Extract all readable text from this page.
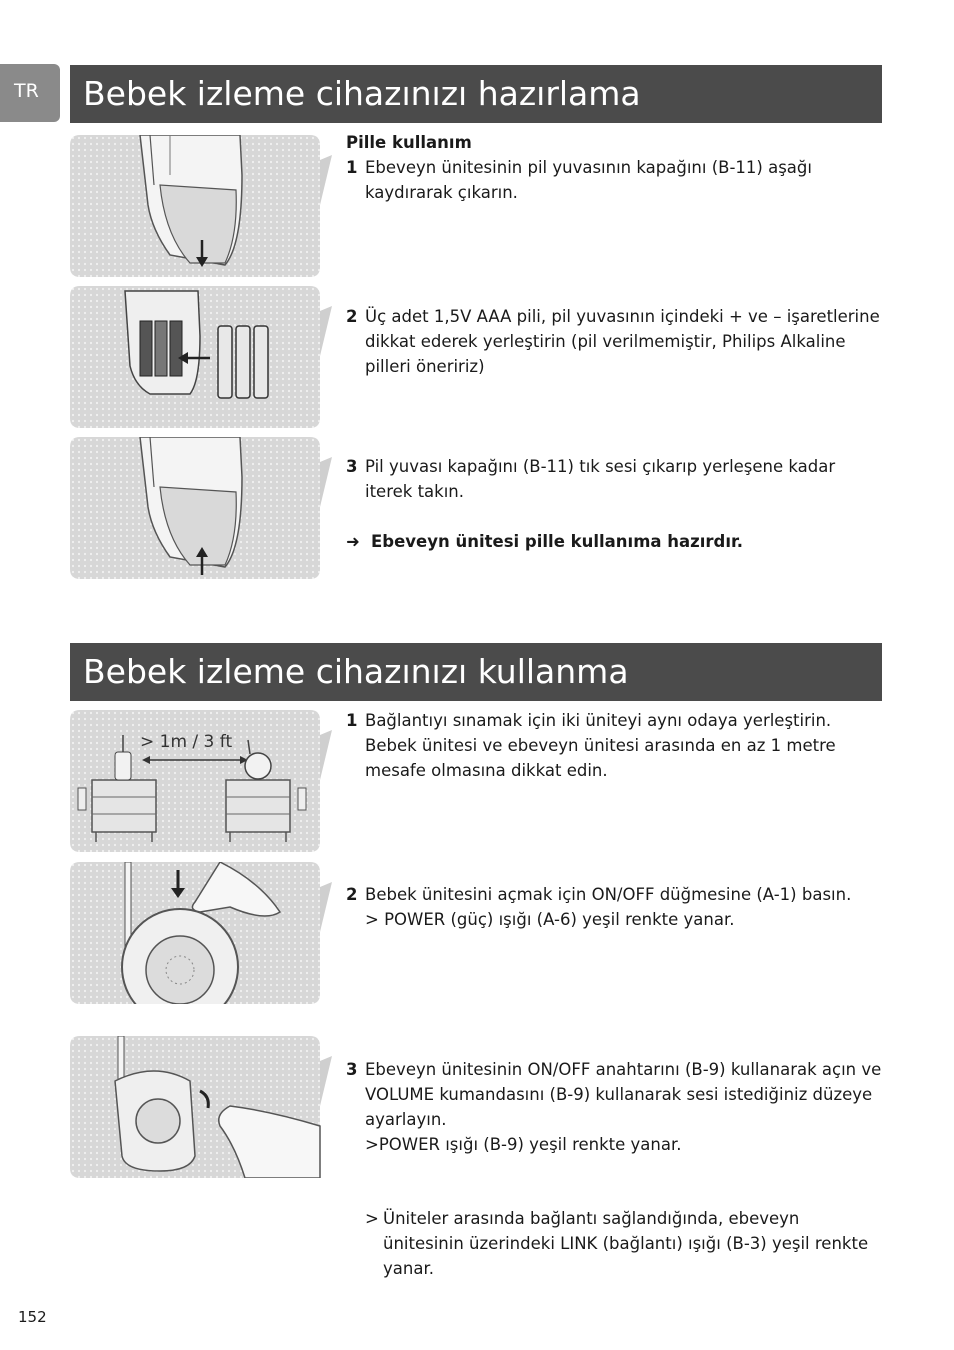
TR	Bebek izleme cihazınızı hazırlama
Pille kullanım
1 Ebeveyn ünitesinin pil yuvasının kapağını (B-11) aşağı kaydırarak çıkarın.
2 Üç adet 1,5V AAA pili, pil yuvasının içindeki + ve – işaretlerine dikkat ederek yerleştirin (pil verilmemiştir, Philips Alkaline pilleri öneririz)
3 Pil yuvası kapağını (B-11) tık sesi çıkarıp yerleşene kadar iterek takın.
➜ Ebeveyn ünitesi pille kullanıma hazırdır.
Bebek izleme cihazınızı kullanma
> 1m / 3 ft
1 Bağlantıyı sınamak için iki üniteyi aynı odaya yerleştirin. Bebek ünitesi ve ebeveyn ünitesi arasında en az 1 metre mesafe olmasına dikkat edin.
2 Bebek ünitesini açmak için ON/OFF düğmesine (A-1) basın.
> POWER (güç) ışığı (A-6) yeşil renkte yanar.
3 Ebeveyn ünitesinin ON/OFF anahtarını (B-9) kullanarak açın ve VOLUME kumandasını (B-9) kullanarak sesi istediğiniz düzeye ayarlayın.
>POWER ışığı (B-9) yeşil renkte yanar.
> Üniteler arasında bağlantı sağlandığında, ebeveyn ünitesinin üzerindeki LINK (bağlantı) ışığı (B-3) yeşil renkte yanar.
152
